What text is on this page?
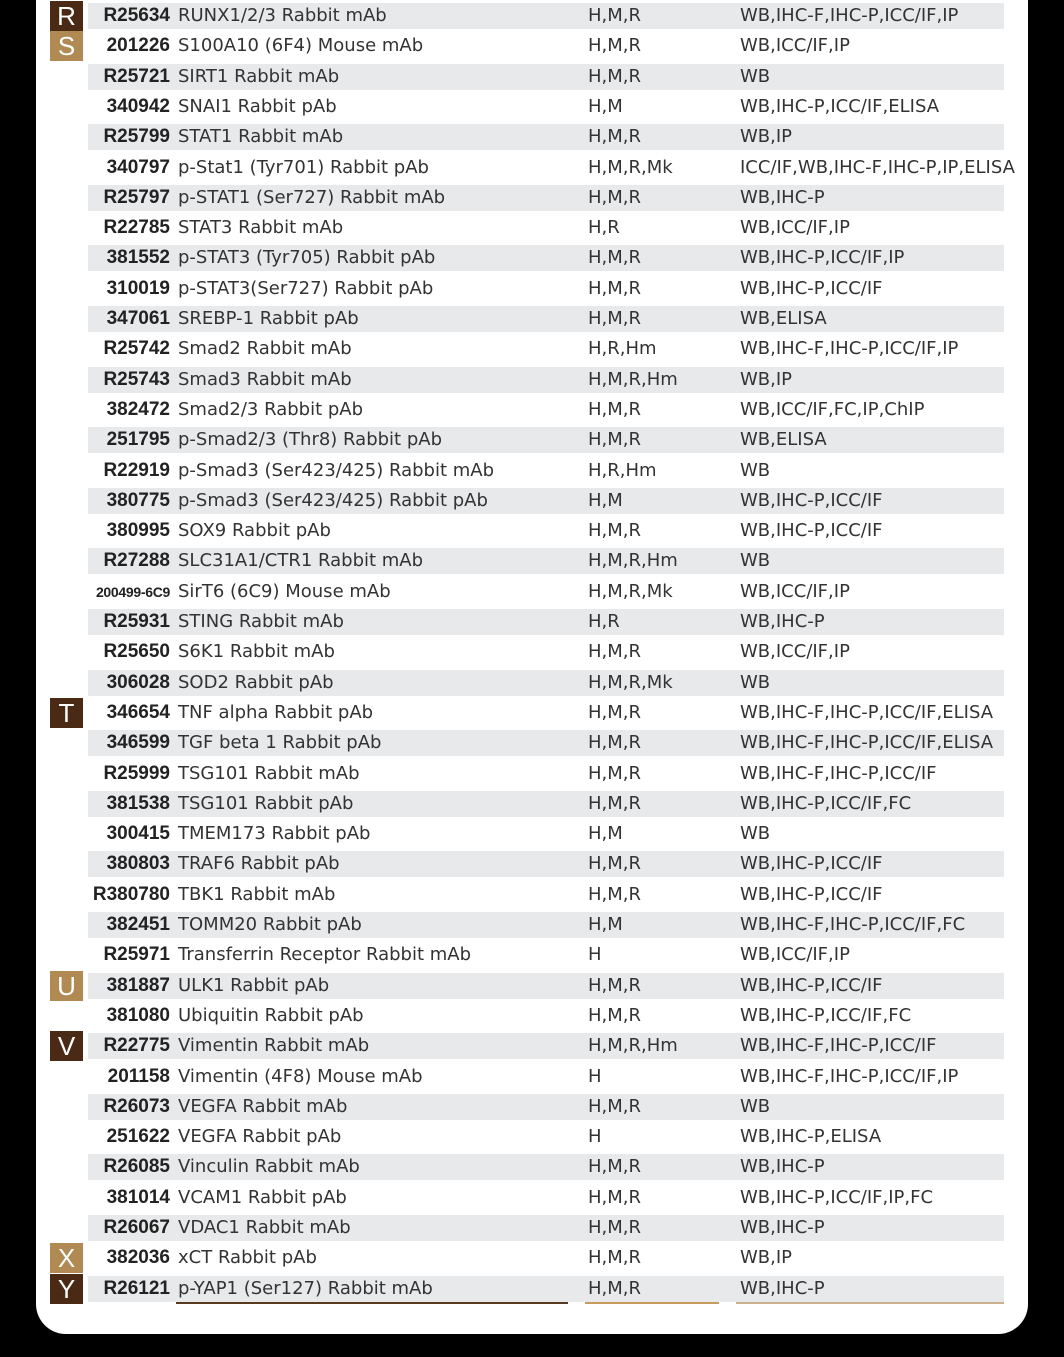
R	R25634 RUNX1/2/3 Rabbit mAb	H,M,R	WB,IHC-F,IHC-P,ICC/IF,IP
S	201226 S100A10 (6F4) Mouse mAb	H,M,R	WB,ICC/IF,IP
R25721 SIRT1 Rabbit mAb	H,M,R	WB
340942 SNAI1 Rabbit pAb	H,M	WB,IHC-P,ICC/IF,ELISA
R25799 STAT1 Rabbit mAb	H,M,R	WB,IP
340797 p-Stat1 (Tyr701) Rabbit pAb	H,M,R,Mk	ICC/IF,WB,IHC-F,IHC-P,IP,ELISA
R25797 p-STAT1 (Ser727) Rabbit mAb	H,M,R	WB,IHC-P
R22785 STAT3 Rabbit mAb	H,R	WB,ICC/IF,IP
381552 p-STAT3 (Tyr705) Rabbit pAb	H,M,R	WB,IHC-P,ICC/IF,IP
310019 p-STAT3(Ser727) Rabbit pAb	H,M,R	WB,IHC-P,ICC/IF
347061 SREBP-1 Rabbit pAb	H,M,R	WB,ELISA
R25742 Smad2 Rabbit mAb	H,R,Hm	WB,IHC-F,IHC-P,ICC/IF,IP
R25743 Smad3 Rabbit mAb	H,M,R,Hm	WB,IP
382472 Smad2/3 Rabbit pAb	H,M,R	WB,ICC/IF,FC,IP,ChIP
251795 p-Smad2/3 (Thr8) Rabbit pAb	H,M,R	WB,ELISA
R22919 p-Smad3 (Ser423/425) Rabbit mAb	H,R,Hm	WB
380775 p-Smad3 (Ser423/425) Rabbit pAb	H,M	WB,IHC-P,ICC/IF
380995 SOX9 Rabbit pAb	H,M,R	WB,IHC-P,ICC/IF
R27288 SLC31A1/CTR1 Rabbit mAb	H,M,R,Hm	WB
200499-6C9 SirT6 (6C9) Mouse mAb	H,M,R,Mk	WB,ICC/IF,IP
R25931 STING Rabbit mAb	H,R	WB,IHC-P
R25650 S6K1 Rabbit mAb	H,M,R	WB,ICC/IF,IP
306028 SOD2 Rabbit pAb	H,M,R,Mk	WB
T	346654 TNF alpha Rabbit pAb	H,M,R	WB,IHC-F,IHC-P,ICC/IF,ELISA
346599 TGF beta 1 Rabbit pAb	H,M,R	WB,IHC-F,IHC-P,ICC/IF,ELISA
R25999 TSG101 Rabbit mAb	H,M,R	WB,IHC-F,IHC-P,ICC/IF
381538 TSG101 Rabbit pAb	H,M,R	WB,IHC-P,ICC/IF,FC
300415 TMEM173 Rabbit pAb	H,M	WB
380803 TRAF6 Rabbit pAb	H,M,R	WB,IHC-P,ICC/IF
R380780 TBK1 Rabbit mAb	H,M,R	WB,IHC-P,ICC/IF
382451 TOMM20 Rabbit pAb	H,M	WB,IHC-F,IHC-P,ICC/IF,FC
R25971 Transferrin Receptor Rabbit mAb	H	WB,ICC/IF,IP
U	381887 ULK1 Rabbit pAb	H,M,R	WB,IHC-P,ICC/IF
381080 Ubiquitin Rabbit pAb	H,M,R	WB,IHC-P,ICC/IF,FC
V	R22775 Vimentin Rabbit mAb	H,M,R,Hm	WB,IHC-F,IHC-P,ICC/IF
201158 Vimentin (4F8) Mouse mAb	H	WB,IHC-F,IHC-P,ICC/IF,IP
R26073 VEGFA Rabbit mAb	H,M,R	WB
251622 VEGFA Rabbit pAb	H	WB,IHC-P,ELISA
R26085 Vinculin Rabbit mAb	H,M,R	WB,IHC-P
381014 VCAM1 Rabbit pAb	H,M,R	WB,IHC-P,ICC/IF,IP,FC
R26067 VDAC1 Rabbit mAb	H,M,R	WB,IHC-P
X	382036 xCT Rabbit pAb	H,M,R	WB,IP
Y	R26121 p-YAP1 (Ser127) Rabbit mAb	H,M,R	WB,IHC-P
